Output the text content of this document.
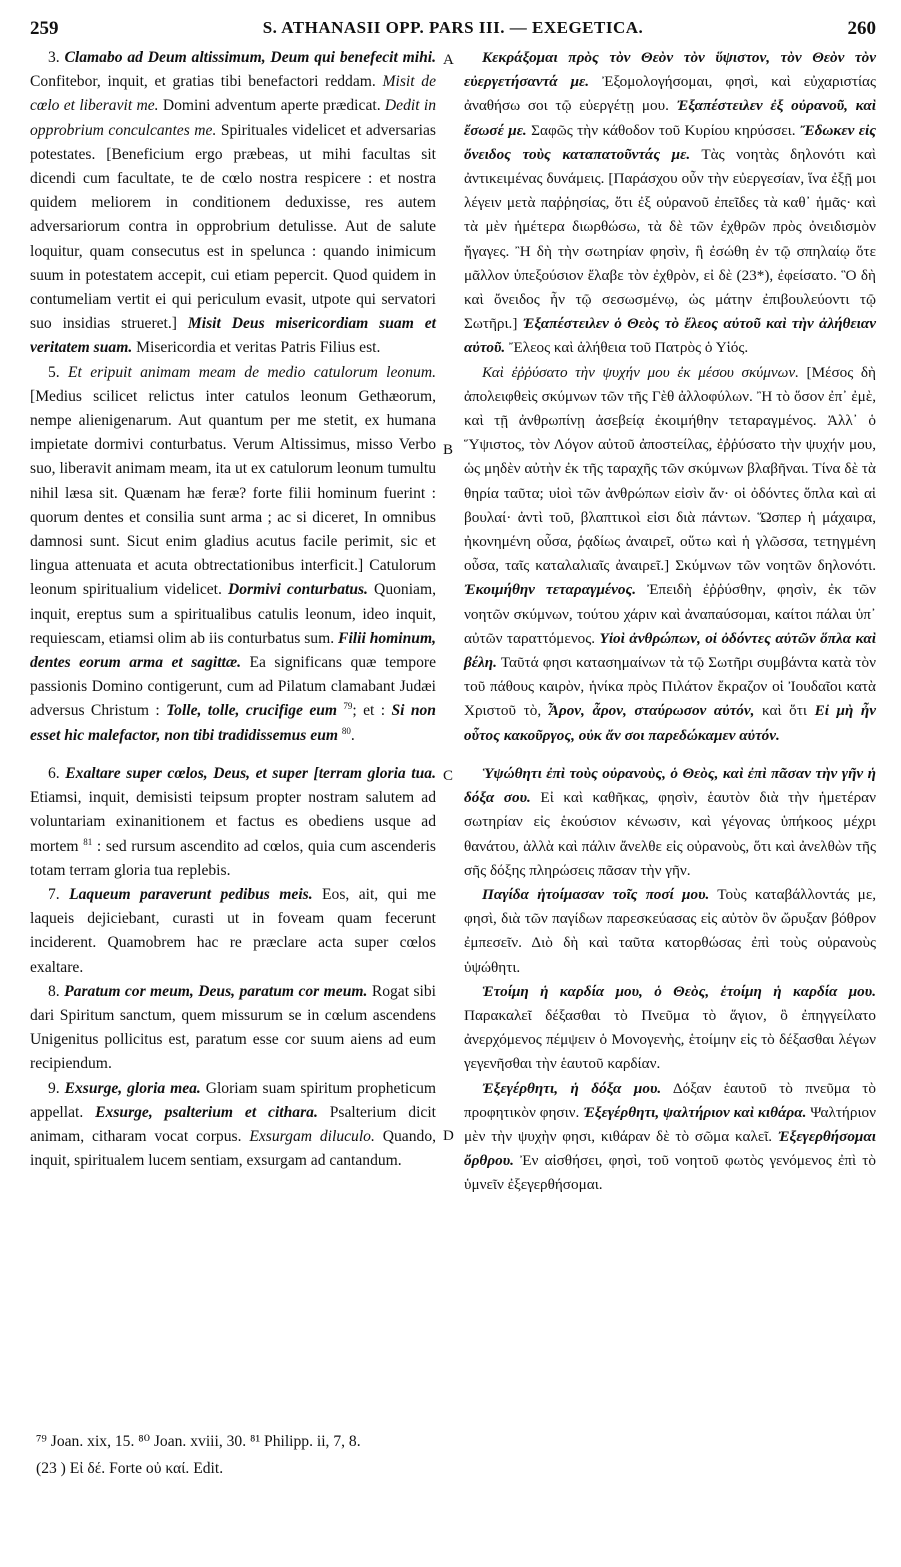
259	S. ATHANASII OPP. PARS III. — EXEGETICA.	260
A
B
C
D

3. Clamabo ad Deum altissimum, Deum qui benefecit mihi. Confitebor, inquit, et gratias tibi benefactori reddam. Misit de cœlo et liberavit me. Domini adventum aperte prædicat. Dedit in opprobrium conculcantes me. Spirituales videlicet et adversarias potestates. [Beneficium ergo præbeas, ut mihi facultas sit dicendi cum facultate, te de cœlo nostra respicere : et nostra quidem meliorem in conditionem deduxisse, res autem adversariorum contra in opprobrium detulisse. Aut de salute loquitur, quam consecutus est in spelunca : quando inimicum suum in potestatem accepit, cui etiam pepercit. Quod quidem in contumeliam vertit ei qui periculum evasit, utpote qui servatori suo insidias strueret.] Misit Deus misericordiam suam et veritatem suam. Misericordia et veritas Patris Filius est.

5. Et eripuit animam meam de medio catulorum leonum. [Medius scilicet relictus inter catulos leonum Gethæorum, nempe alienigenarum. Aut quantum per me stetit, ex humana impietate dormivi conturbatus. Verum Altissimus, misso Verbo suo, liberavit animam meam, ita ut ex catulorum leonum tumultu nihil læsa sit. Quænam hæ feræ? forte filii hominum fuerint : quorum dentes et consilia sunt arma ; ac si diceret, In omnibus damnosi sunt. Sicut enim gladius acutus facile perimit, sic et lingua attenuata et acuta obtrectationibus interficit.] Catulorum leonum spiritualium videlicet. Dormivi conturbatus. Quoniam, inquit, ereptus sum a spiritualibus catulis leonum, ideo inquit, requiescam, etiamsi olim ab iis conturbatus sum. Filii hominum, dentes eorum arma et sagittæ. Ea significans quæ tempore passionis Domino contigerunt, cum ad Pilatum clamabant Judæi adversus Christum : Tolle, tolle, crucifige eum $^{79}$; et : Si non esset hic malefactor, non tibi tradidissemus eum $^{80}$.

6. Exaltare super cœlos, Deus, et super [terram gloria tua. Etiamsi, inquit, demisisti teipsum propter nostram salutem ad voluntariam exinanitionem et factus es obediens usque ad mortem $^{81}$ : sed rursum ascendito ad cœlos, quia cum ascenderis totam terram gloria tua replebis.

7. Laqueum paraverunt pedibus meis. Eos, ait, qui me laqueis dejiciebant, curasti ut in foveam quam fecerunt inciderent. Quamobrem hac re præclare acta super cœlos exaltare.

8. Paratum cor meum, Deus, paratum cor meum. Rogat sibi dari Spiritum sanctum, quem missurum se in cœlum ascendens Unigenitus pollicitus est, paratum esse cor suum aiens ad eum recipiendum.

9. Exsurge, gloria mea. Gloriam suam spiritum propheticum appellat. Exsurge, psalterium et cithara. Psalterium dicit animam, citharam vocat corpus. Exsurgam diluculo. Quando, inquit, spiritualem lucem sentiam, exsurgam ad cantandum.

Κεκράξομαι πρὸς τὸν Θεὸν τὸν ὕψιστον, τὸν Θεὸν τὸν εὐεργετήσαντά με. Ἐξομολογήσομαι, φησὶ, καὶ εὐχαριστίας ἀναθήσω σοι τῷ εὐεργέτῃ μου. Ἐξαπέστειλεν ἐξ οὐρανοῦ, καὶ ἔσωσέ με. Σαφῶς τὴν κάθοδον τοῦ Κυρίου κηρύσσει. Ἔδωκεν εἰς ὄνειδος τοὺς καταπατοῦντάς με. Τὰς νοητὰς δηλονότι καὶ ἀντικειμένας δυνάμεις. [Παράσχου οὖν τὴν εὐεργεσίαν, ἵνα ἐξῇ μοι λέγειν μετὰ παῤῥησίας, ὅτι ἐξ οὐρανοῦ ἐπεῖδες τὰ καθ᾽ ἡμᾶς· καὶ τὰ μὲν ἡμέτερα διωρθώσω, τὰ δὲ τῶν ἐχθρῶν πρὸς ὀνειδισμὸν ἤγαγες. Ἢ δὴ τὴν σωτηρίαν φησὶν, ἣ ἐσώθη ἐν τῷ σπηλαίῳ ὅτε μᾶλλον ὑπεξούσιον ἔλαβε τὸν ἐχθρὸν, εἰ δὲ (23*), ἐφείσατο. Ὃ δὴ καὶ ὄνειδος ἦν τῷ σεσωσμένῳ, ὡς μάτην ἐπιβουλεύοντι τῷ Σωτῆρι.] Ἐξαπέστειλεν ὁ Θεὸς τὸ ἔλεος αὐτοῦ καὶ τὴν ἀλήθειαν αὐτοῦ. Ἔλεος καὶ ἀλήθεια τοῦ Πατρὸς ὁ Υἱός.

Καὶ ἐῤῥύσατο τὴν ψυχήν μου ἐκ μέσου σκύμνων. [Μέσος δὴ ἀπολειφθεὶς σκύμνων τῶν τῆς Γὲθ ἀλλοφύλων. Ἢ τὸ ὅσον ἐπ᾽ ἐμὲ, καὶ τῇ ἀνθρωπίνῃ ἀσεβείᾳ ἐκοιμήθην τεταραγμένος. Ἀλλ᾽ ὁ Ὕψιστος, τὸν Λόγον αὐτοῦ ἀποστείλας, ἐῤῥύσατο τὴν ψυχήν μου, ὡς μηδὲν αὐτὴν ἐκ τῆς ταραχῆς τῶν σκύμνων βλαβῆναι. Τίνα δὲ τὰ θηρία ταῦτα; υἱοὶ τῶν ἀνθρώπων εἰσὶν ἄν· οἱ ὀδόντες ὅπλα καὶ αἱ βουλαί· ἀντὶ τοῦ, βλαπτικοὶ εἰσι διὰ πάντων. Ὥσπερ ἡ μάχαιρα, ἠκονημένη οὖσα, ῥᾳδίως ἀναιρεῖ, οὕτω καὶ ἡ γλῶσσα, τετηγμένη οὖσα, ταῖς καταλαλιαῖς ἀναιρεῖ.] Σκύμνων τῶν νοητῶν δηλονότι. Ἐκοιμήθην τεταραγμένος. Ἐπειδὴ ἐῤῥύσθην, φησὶν, ἐκ τῶν νοητῶν σκύμνων, τούτου χάριν καὶ ἀναπαύσομαι, καίτοι πάλαι ὑπ᾽ αὐτῶν ταραττόμενος. Υἱοὶ ἀνθρώπων, οἱ ὀδόντες αὐτῶν ὅπλα καὶ βέλη. Ταῦτά φησι κατασημαίνων τὰ τῷ Σωτῆρι συμβάντα κατὰ τὸν τοῦ πάθους καιρὸν, ἡνίκα πρὸς Πιλάτον ἔκραζον οἱ Ἰουδαῖοι κατὰ Χριστοῦ τὸ, Ἆρον, ἆρον, σταύρωσον αὐτόν, καὶ ὅτι Εἰ μὴ ἦν οὗτος κακοῦργος, οὐκ ἄν σοι παρεδώκαμεν αὐτόν.

Ὑψώθητι ἐπὶ τοὺς οὐρανοὺς, ὁ Θεὸς, καὶ ἐπὶ πᾶσαν τὴν γῆν ἡ δόξα σου. Εἰ καὶ καθῆκας, φησὶν, ἑαυτὸν διὰ τὴν ἡμετέραν σωτηρίαν εἰς ἑκούσιον κένωσιν, καὶ γέγονας ὑπήκοος μέχρι θανάτου, ἀλλὰ καὶ πάλιν ἄνελθε εἰς οὐρανοὺς, ὅτι καὶ ἀνελθὼν τῆς σῆς δόξης πληρώσεις πᾶσαν τὴν γῆν.

Παγίδα ἡτοίμασαν τοῖς ποσί μου. Τοὺς καταβάλλοντάς με, φησὶ, διὰ τῶν παγίδων παρεσκεύασας εἰς αὐτὸν ὃν ὤρυξαν βόθρον ἐμπεσεῖν. Διὸ δὴ καὶ ταῦτα κατορθώσας ἐπὶ τοὺς οὐρανοὺς ὑψώθητι.

Ἑτοίμη ἡ καρδία μου, ὁ Θεὸς, ἑτοίμη ἡ καρδία μου. Παρακαλεῖ δέξασθαι τὸ Πνεῦμα τὸ ἅγιον, ὃ ἐπηγγείλατο ἀνερχόμενος πέμψειν ὁ Μονογενὴς, ἑτοίμην εἰς τὸ δέξασθαι λέγων γεγενῆσθαι τὴν ἑαυτοῦ καρδίαν.

Ἐξεγέρθητι, ἡ δόξα μου. Δόξαν ἑαυτοῦ τὸ πνεῦμα τὸ προφητικὸν φησιν. Ἐξεγέρθητι, ψαλτήριον καὶ κιθάρα. Ψαλτήριον μὲν τὴν ψυχὴν φησι, κιθάραν δὲ τὸ σῶμα καλεῖ. Ἐξεγερθήσομαι ὄρθρου. Ἐν αἰσθήσει, φησὶ, τοῦ νοητοῦ φωτὸς γενόμενος ἐπὶ τὸ ὑμνεῖν ἐξεγερθήσομαι.

⁷⁹ Joan. xix, 15. ⁸⁰ Joan. xviii, 30. ⁸¹ Philipp. ii, 7, 8.
(23 ) Εἰ δέ. Forte οὐ καί. Edit.
